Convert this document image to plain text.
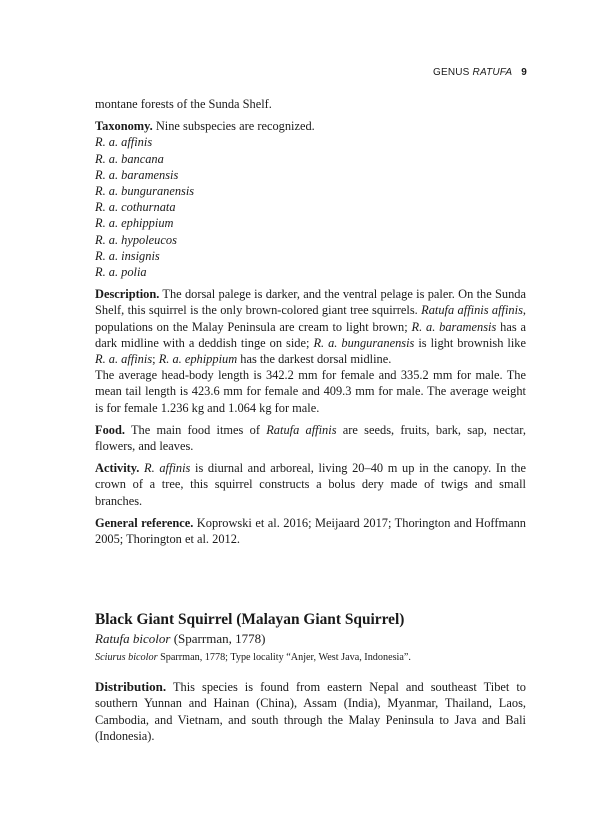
GENUS RATUFA 9

montane forests of the Sunda Shelf.

Taxonomy. Nine subspecies are recognized.

R. a. affinis

R. a. bancana

R. a. baramensis

R. a. bunguranensis

R. a. cothurnata

R. a. ephippium

R. a. hypoleucos

R. a. insignis

R. a. polia

Description. The dorsal palege is darker, and the ventral pelage is paler. On the Sunda Shelf, this squirrel is the only brown-colored giant tree squirrels. Ratufa affinis affinis, populations on the Malay Peninsula are cream to light brown; R. a. baramensis has a dark midline with a deddish tinge on side; R. a. bunguranensis is light brownish like R. a. affinis; R. a. ephippium has the darkest dorsal midline.

The average head-body length is 342.2 mm for female and 335.2 mm for male. The mean tail length is 423.6 mm for female and 409.3 mm for male. The average weight is for female 1.236 kg and 1.064 kg for male.

Food. The main food itmes of Ratufa affinis are seeds, fruits, bark, sap, nectar, flowers, and leaves.

Activity. R. affinis is diurnal and arboreal, living 20–40 m up in the canopy. In the crown of a tree, this squirrel constructs a bolus dery made of twigs and small branches.

General reference. Koprowski et al. 2016; Meijaard 2017; Thorington and Hoffmann 2005; Thorington et al. 2012.

Black Giant Squirrel (Malayan Giant Squirrel)
Ratufa bicolor (Sparrman, 1778)
Sciurus bicolor Sparrman, 1778; Type locality “Anjer, West Java, Indonesia”.

Distribution. This species is found from eastern Nepal and southeast Tibet to southern Yunnan and Hainan (China), Assam (India), Myanmar, Thailand, Laos, Cambodia, and Vietnam, and south through the Malay Peninsula to Java and Bali (Indonesia).
